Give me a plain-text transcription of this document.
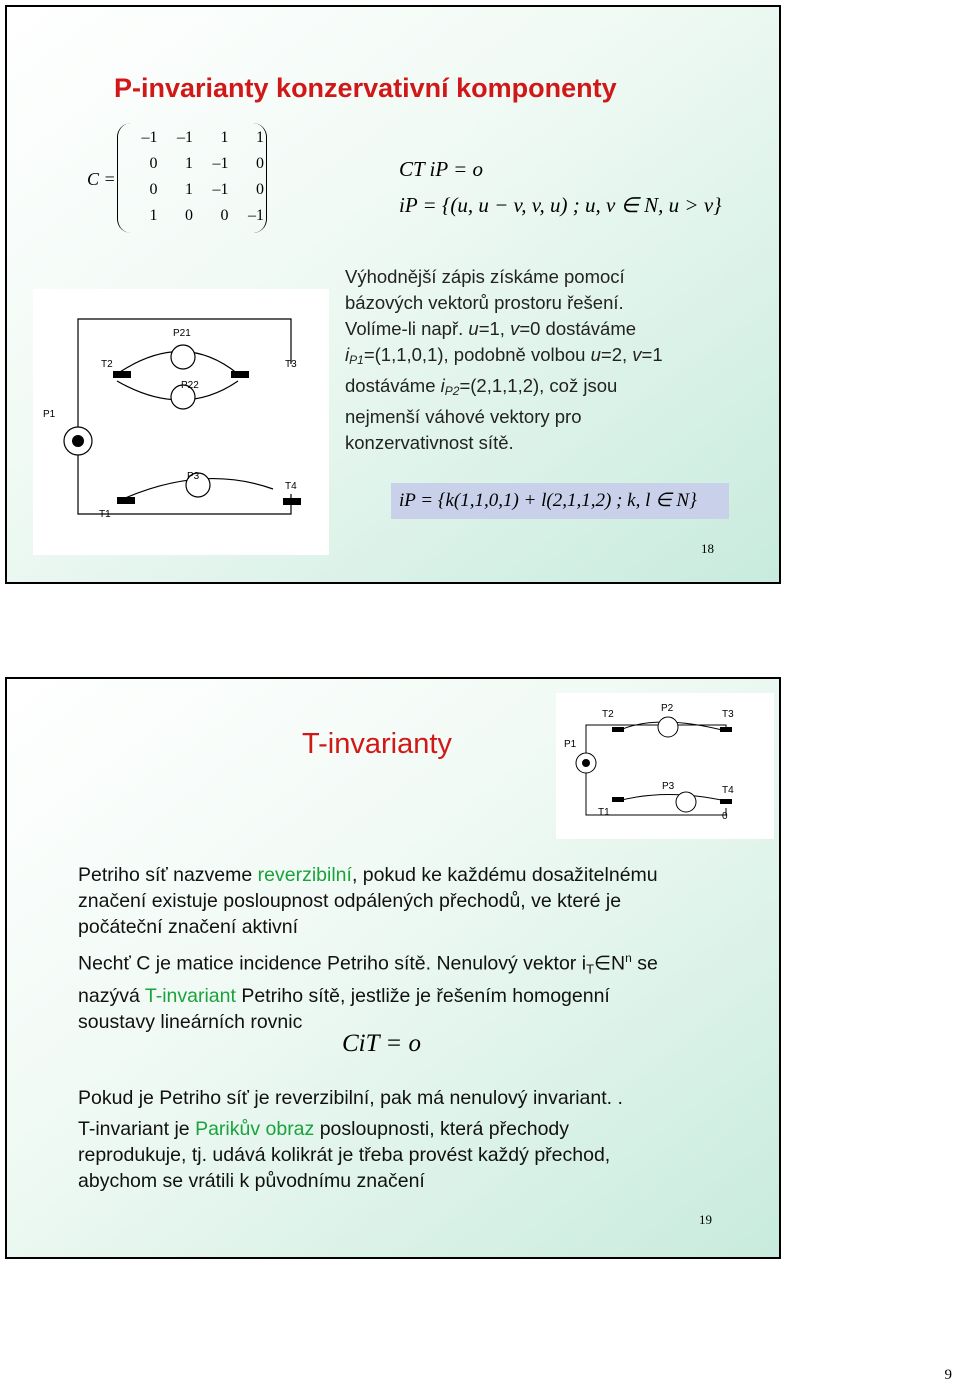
P-invarianty konzervativní komponenty
C =
–1	–1	1	1
0	1	–1	0
0	1	–1	0
1	0	0	–1
CT iP = o
iP = {(u, u − v, v, u) ; u, v ∈ N, u > v}
P21
P22
T2	T3
P1
P3
T4
T1
Výhodnější zápis získáme pomocí
bázových vektorů prostoru řešení.
Volíme-li např. u=1, v=0 dostáváme
$i_{P1}=(1,1,0,1)$, podobně volbou u=2, v=1
dostáváme $i_{P2}=(2,1,1,2)$, což jsou
nejmenší váhové vektory pro
konzervativnost sítě.
iP = {k(1,1,0,1) + l(2,1,1,2) ; k, l ∈ N}
18
T-invarianty
T2
P2
T3
P1
P3	T4
T1	0
Petriho síť nazveme reverzibilní, pokud ke každému dosažitelnému
značení existuje posloupnost odpálených přechodů, ve které je
počáteční značení aktivní
Nechť C je matice incidence Petriho sítě. Nenulový vektor $i_T\in N^n$ se
nazývá T-invariant Petriho sítě, jestliže je řešením homogenní
soustavy lineárních rovnic
CiT = o
Pokud je Petriho síť je reverzibilní, pak má nenulový invariant. .
T-invariant je Parikův obraz posloupnosti, která přechody
reprodukuje, tj. udává kolikrát je třeba provést každý přechod,
abychom se vrátili k původnímu značení
19
9
